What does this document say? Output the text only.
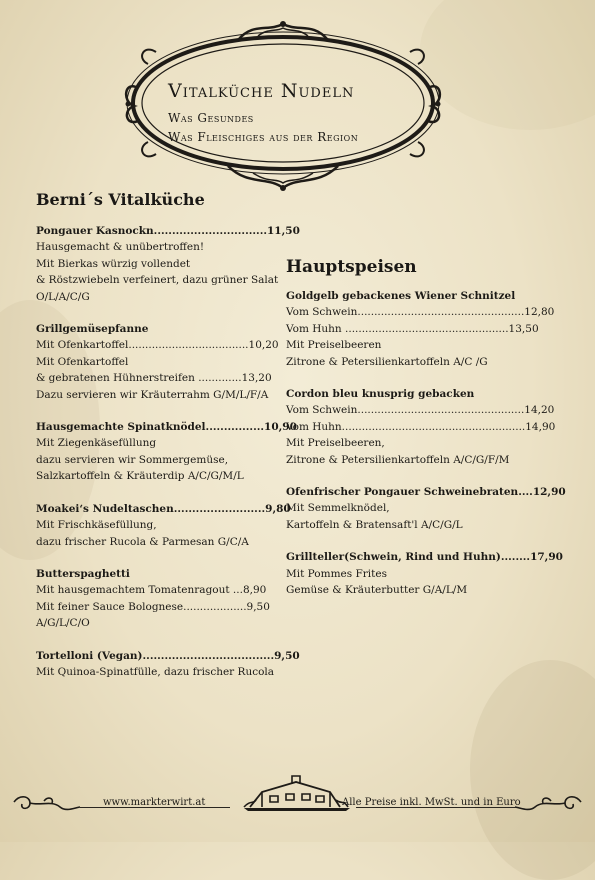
Vitalküche Nudeln
Was Gesundes
Was Fleischiges aus der Region
Berni´s Vitalküche
Pongauer Kasnockn...............................11,50
Hausgemacht & unübertroffen!
Mit Bierkas würzig vollendet
& Röstzwiebeln verfeinert, dazu grüner Salat
O/L/A/C/G
Grillgemüsepfanne
Mit Ofenkartoffel....................................10,20
Mit Ofenkartoffel
& gebratenen Hühnerstreifen .............13,20
Dazu servieren wir Kräuterrahm G/M/L/F/A
Hausgemachte Spinatknödel................10,90
Mit Ziegenkäsefüllung
dazu servieren wir Sommergemüse,
Salzkartoffeln & Kräuterdip A/C/G/M/L
Moakei‘s Nudeltaschen.........................9,80
Mit Frischkäsefüllung,
dazu frischer Rucola & Parmesan G/C/A
Butterspaghetti
Mit hausgemachtem Tomatenragout ...8,90
Mit feiner Sauce Bolognese...................9,50
A/G/L/C/O
Tortelloni (Vegan)....................................9,50
Mit Quinoa-Spinatfülle, dazu frischer Rucola
Hauptspeisen
Goldgelb gebackenes Wiener Schnitzel
Vom Schwein..................................................12,80
Vom Huhn .................................................13,50
Mit Preiselbeeren
Zitrone & Petersilienkartoffeln A/C /G
Cordon bleu knusprig gebacken
Vom Schwein..................................................14,20
Vom Huhn.......................................................14,90
Mit Preiselbeeren,
Zitrone & Petersilienkartoffeln A/C/G/F/M
Ofenfrischer Pongauer Schweinebraten....12,90
Mit Semmelknödel,
Kartoffeln & Bratensaft'l A/C/G/L
Grillteller(Schwein, Rind und Huhn)........17,90
Mit Pommes Frites
Gemüse & Kräuterbutter G/A/L/M
www.markterwirt.at	Alle Preise inkl. MwSt. und in Euro
